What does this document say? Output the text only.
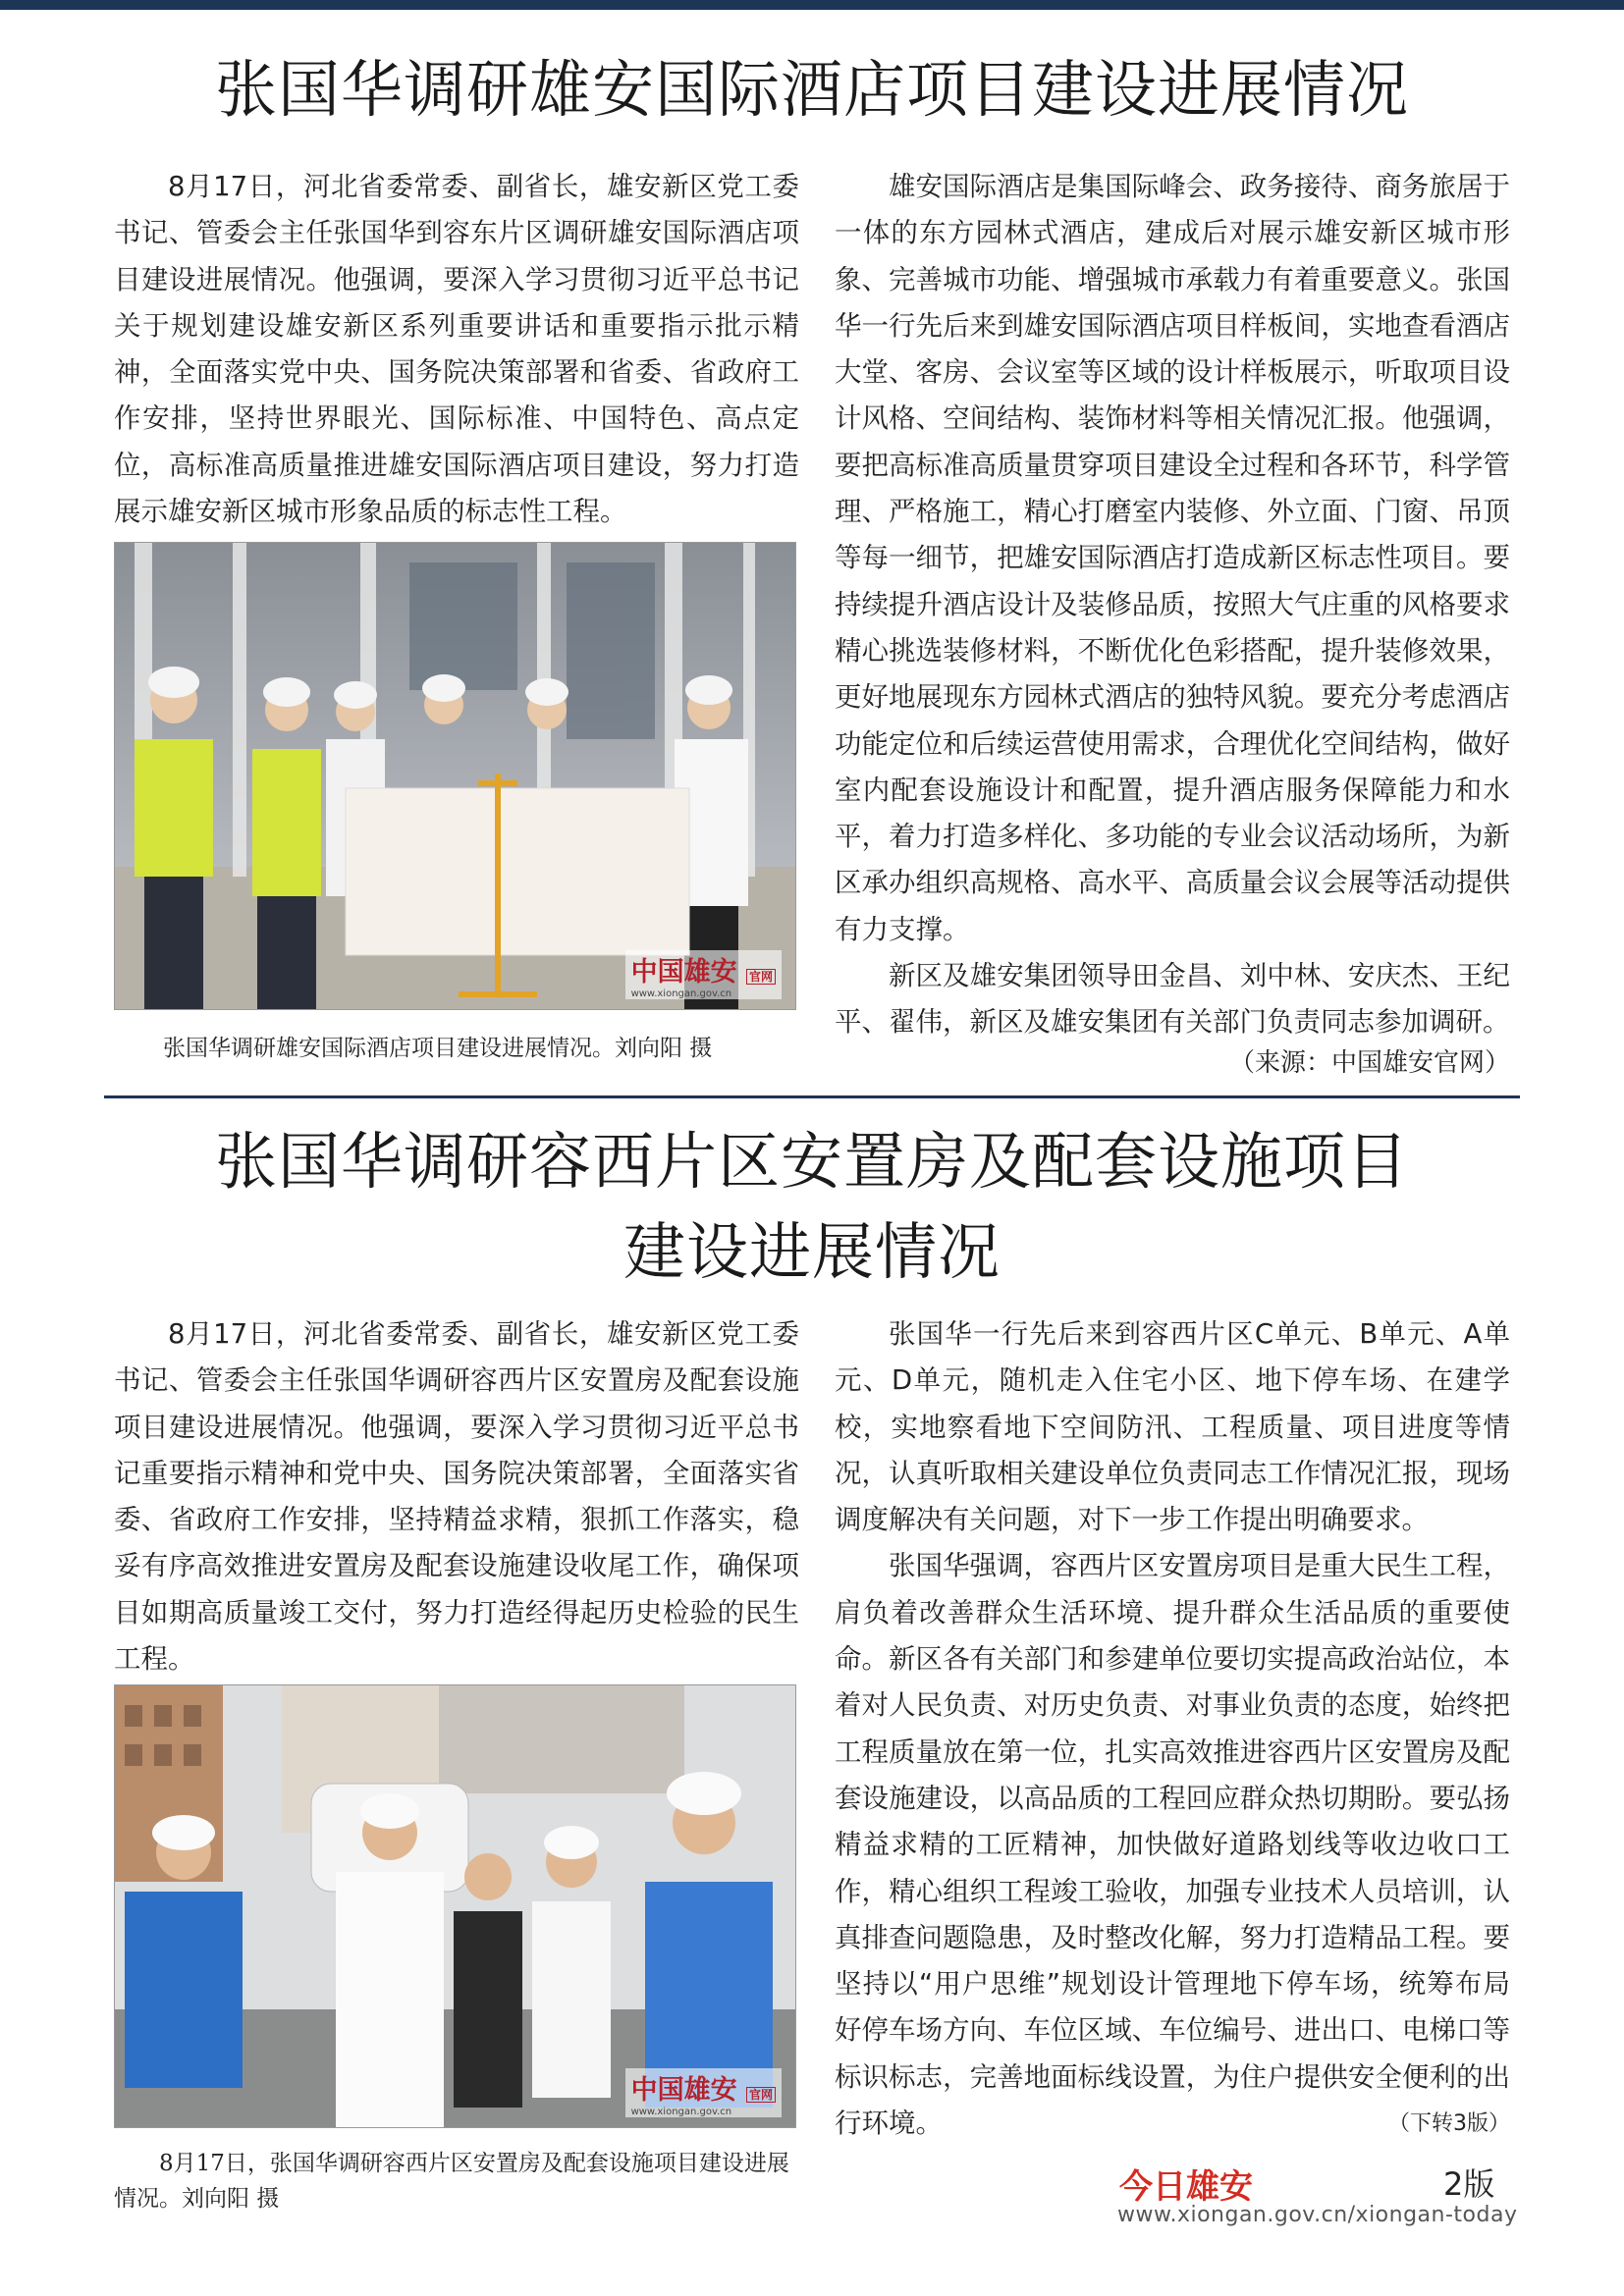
张国华调研雄安国际酒店项目建设进展情况

8月17日，河北省委常委、副省长，雄安新区党工委书记、管委会主任张国华到容东片区调研雄安国际酒店项目建设进展情况。他强调，要深入学习贯彻习近平总书记关于规划建设雄安新区系列重要讲话和重要指示批示精神，全面落实党中央、国务院决策部署和省委、省政府工作安排，坚持世界眼光、国际标准、中国特色、高点定位，高标准高质量推进雄安国际酒店项目建设，努力打造展示雄安新区城市形象品质的标志性工程。

中国雄安 官网
www.xiongan.gov.cn
张国华调研雄安国际酒店项目建设进展情况。刘向阳 摄

雄安国际酒店是集国际峰会、政务接待、商务旅居于一体的东方园林式酒店，建成后对展示雄安新区城市形象、完善城市功能、增强城市承载力有着重要意义。张国华一行先后来到雄安国际酒店项目样板间，实地查看酒店大堂、客房、会议室等区域的设计样板展示，听取项目设计风格、空间结构、装饰材料等相关情况汇报。他强调，要把高标准高质量贯穿项目建设全过程和各环节，科学管理、严格施工，精心打磨室内装修、外立面、门窗、吊顶等每一细节，把雄安国际酒店打造成新区标志性项目。要持续提升酒店设计及装修品质，按照大气庄重的风格要求精心挑选装修材料，不断优化色彩搭配，提升装修效果，更好地展现东方园林式酒店的独特风貌。要充分考虑酒店功能定位和后续运营使用需求，合理优化空间结构，做好室内配套设施设计和配置，提升酒店服务保障能力和水平，着力打造多样化、多功能的专业会议活动场所，为新区承办组织高规格、高水平、高质量会议会展等活动提供有力支撑。

新区及雄安集团领导田金昌、刘中林、安庆杰、王纪平、翟伟，新区及雄安集团有关部门负责同志参加调研。

（来源：中国雄安官网）
张国华调研容西片区安置房及配套设施项目
建设进展情况

8月17日，河北省委常委、副省长，雄安新区党工委书记、管委会主任张国华调研容西片区安置房及配套设施项目建设进展情况。他强调，要深入学习贯彻习近平总书记重要指示精神和党中央、国务院决策部署，全面落实省委、省政府工作安排，坚持精益求精，狠抓工作落实，稳妥有序高效推进安置房及配套设施建设收尾工作，确保项目如期高质量竣工交付，努力打造经得起历史检验的民生工程。

中国雄安 官网
www.xiongan.gov.cn
8月17日，张国华调研容西片区安置房及配套设施项目建设进展情况。刘向阳 摄

张国华一行先后来到容西片区C单元、B单元、A单元、D单元，随机走入住宅小区、地下停车场、在建学校，实地察看地下空间防汛、工程质量、项目进度等情况，认真听取相关建设单位负责同志工作情况汇报，现场调度解决有关问题，对下一步工作提出明确要求。

张国华强调，容西片区安置房项目是重大民生工程，肩负着改善群众生活环境、提升群众生活品质的重要使命。新区各有关部门和参建单位要切实提高政治站位，本着对人民负责、对历史负责、对事业负责的态度，始终把工程质量放在第一位，扎实高效推进容西片区安置房及配套设施建设，以高品质的工程回应群众热切期盼。要弘扬精益求精的工匠精神，加快做好道路划线等收边收口工作，精心组织工程竣工验收，加强专业技术人员培训，认真排查问题隐患，及时整改化解，努力打造精品工程。要坚持以“用户思维”规划设计管理地下停车场，统筹布局好停车场方向、车位区域、车位编号、进出口、电梯口等标识标志，完善地面标线设置，为住户提供安全便利的出行环境。	（下转3版）
今日雄安	2版
www.xiongan.gov.cn/xiongan-today
